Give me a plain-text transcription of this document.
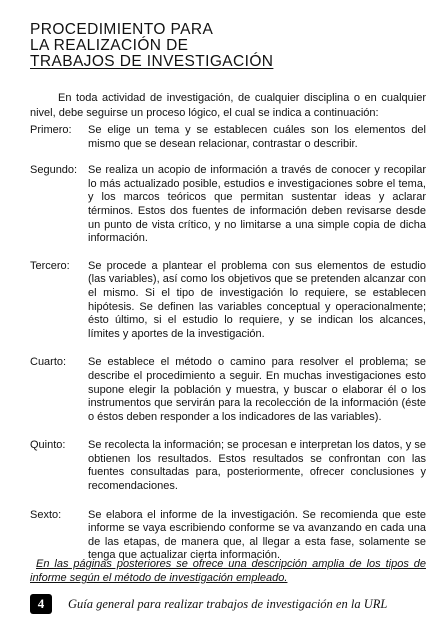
PROCEDIMIENTO PARA
LA REALIZACIÓN DE
TRABAJOS DE INVESTIGACIÓN

En toda actividad de investigación, de cualquier disciplina o en cualquier nivel, debe seguirse un proceso lógico, el cual se indica a continuación:

Primero:	Se elige un tema y se establecen cuáles son los elementos del mismo que se desean relacionar, contrastar o describir.
Segundo: Se realiza un acopio de información a través de conocer y recopilar lo más actualizado posible, estudios e investigaciones sobre el tema, y los marcos teóricos que permitan sustentar ideas y aclarar términos. Estos dos fuentes de información deben revisarse desde un punto de vista crítico, y no limitarse a una simple copia de dicha información.
Tercero:	Se procede a plantear el problema con sus elementos de estudio (las variables), así como los objetivos que se pretenden alcanzar con el mismo. Si el tipo de investigación lo requiere, se establecen hipótesis. Se definen las variables conceptual y operacionalmente; ésto último, si el estudio lo requiere, y se indican los alcances, límites y aportes de la investigación.
Cuarto:	Se establece el método o camino para resolver el problema; se describe el procedimiento a seguir. En muchas investigaciones esto supone elegir la población y muestra, y buscar o elaborar él o los instrumentos que servirán para la recolección de la información (éste o éstos deben responder a los indicadores de las variables).
Quinto:	Se recolecta la información; se procesan e interpretan los datos, y se obtienen los resultados. Estos resultados se confrontan con las fuentes consultadas para, posteriormente, ofrecer conclusiones y recomendaciones.
Sexto:	Se elabora el informe de la investigación. Se recomienda que este informe se vaya escribiendo conforme se va avanzando en cada una de las etapas, de manera que, al llegar a esta fase, solamente se tenga que actualizar cierta información.

En las páginas posteriores se ofrece una descripción amplia de los tipos de informe según el método de investigación empleado.

4	Guía general para realizar trabajos de investigación en la URL
